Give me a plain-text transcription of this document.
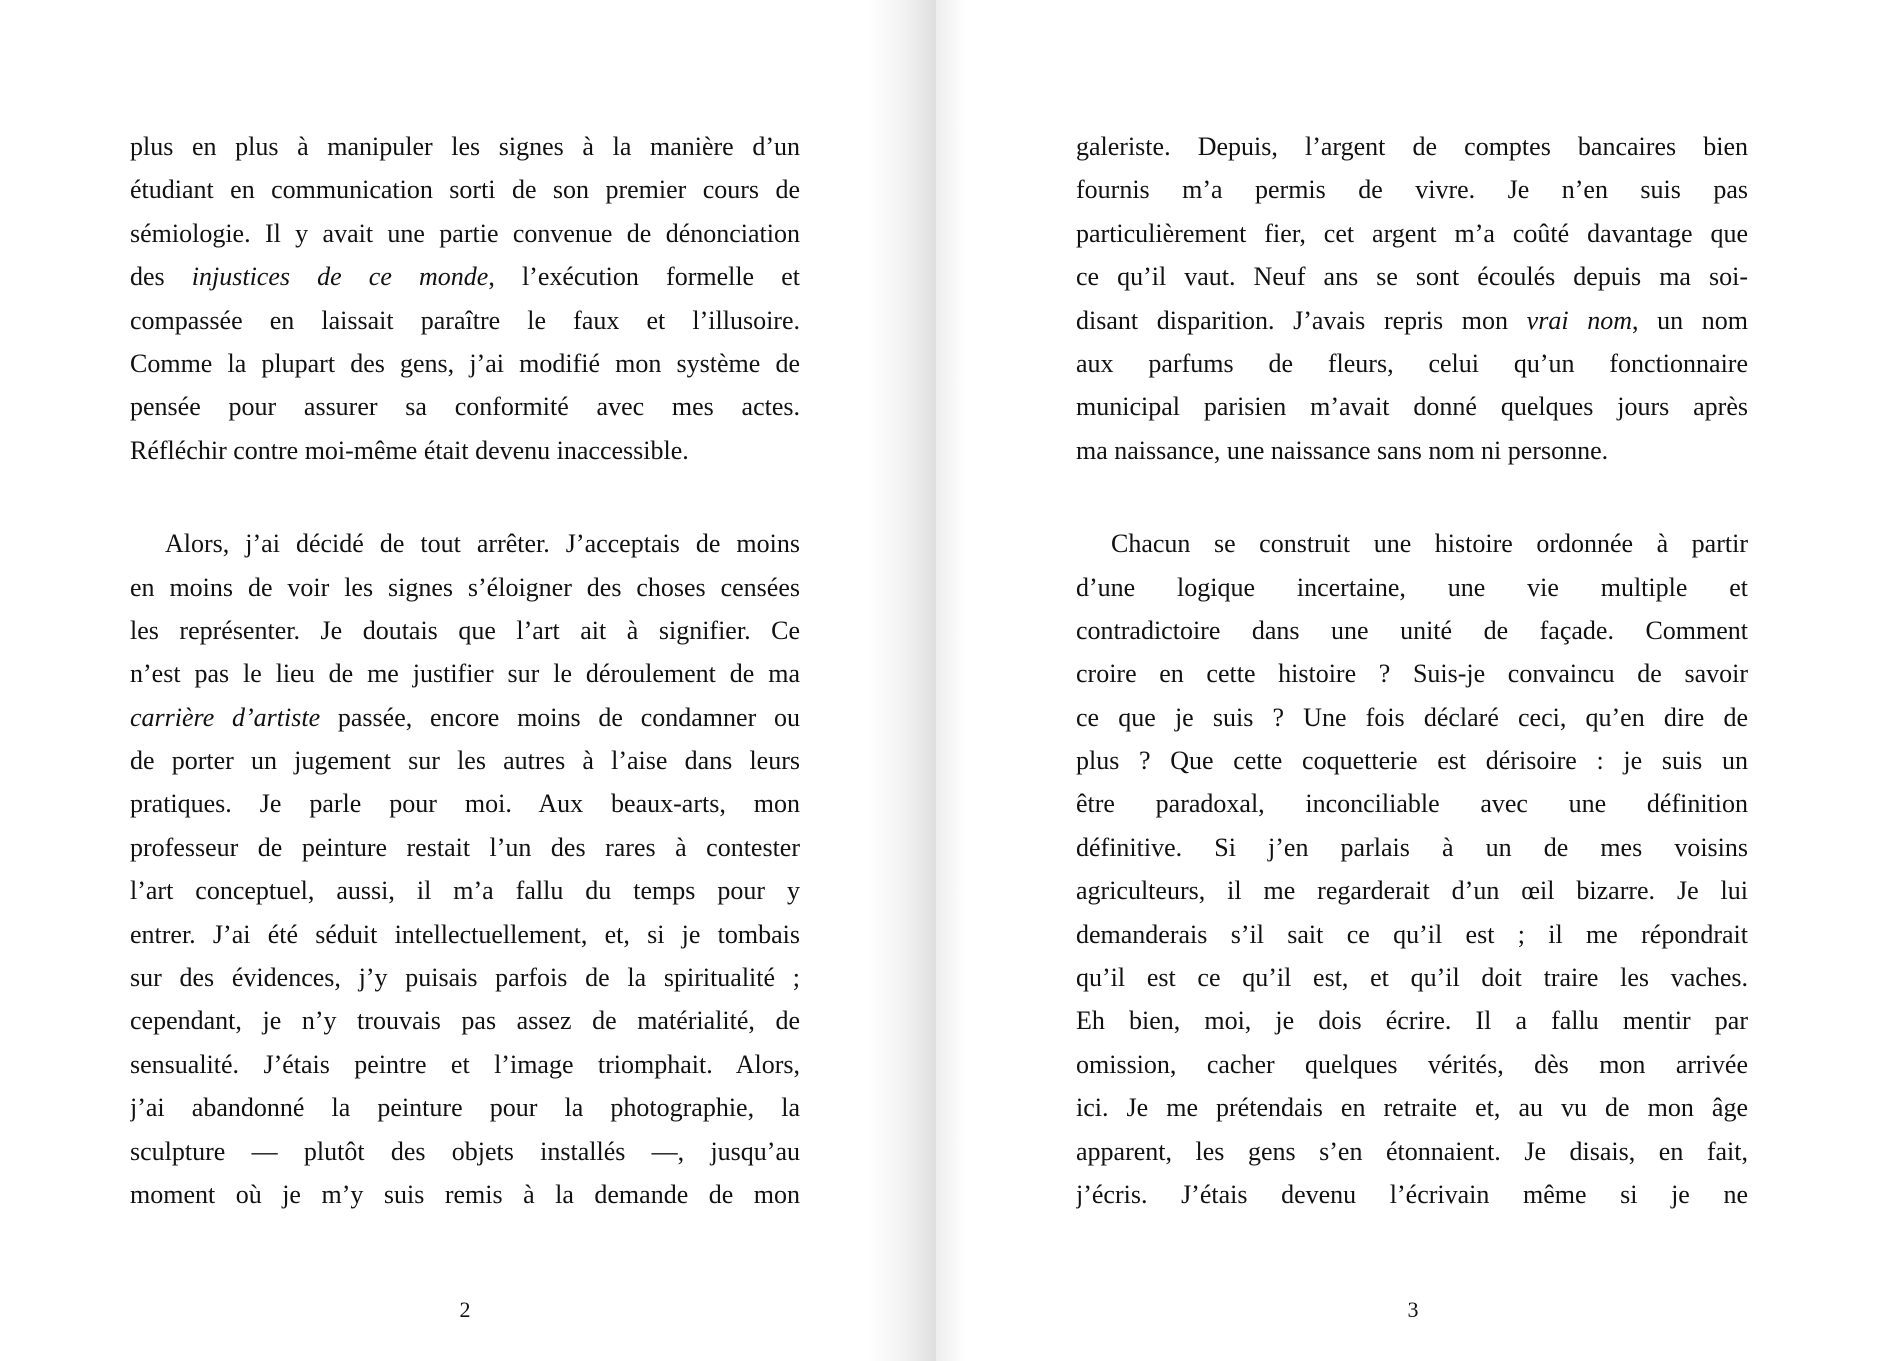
plus en plus à manipuler les signes à la manière d’un
étudiant en communication sorti de son premier cours de
sémiologie. Il y avait une partie convenue de dénonciation
des injustices de ce monde, l’exécution formelle et
compassée en laissait paraître le faux et l’illusoire.
Comme la plupart des gens, j’ai modifié mon système de
pensée pour assurer sa conformité avec mes actes.
Réfléchir contre moi-même était devenu inaccessible.
Alors, j’ai décidé de tout arrêter. J’acceptais de moins
en moins de voir les signes s’éloigner des choses censées
les représenter. Je doutais que l’art ait à signifier. Ce
n’est pas le lieu de me justifier sur le déroulement de ma
carrière d’artiste passée, encore moins de condamner ou
de porter un jugement sur les autres à l’aise dans leurs
pratiques. Je parle pour moi. Aux beaux-arts, mon
professeur de peinture restait l’un des rares à contester
l’art conceptuel, aussi, il m’a fallu du temps pour y
entrer. J’ai été séduit intellectuellement, et, si je tombais
sur des évidences, j’y puisais parfois de la spiritualité ;
cependant, je n’y trouvais pas assez de matérialité, de
sensualité. J’étais peintre et l’image triomphait. Alors,
j’ai abandonné la peinture pour la photographie, la
sculpture — plutôt des objets installés —, jusqu’au
moment où je m’y suis remis à la demande de mon
2
galeriste. Depuis, l’argent de comptes bancaires bien
fournis m’a permis de vivre. Je n’en suis pas
particulièrement fier, cet argent m’a coûté davantage que
ce qu’il vaut. Neuf ans se sont écoulés depuis ma soi-
disant disparition. J’avais repris mon vrai nom, un nom
aux parfums de fleurs, celui qu’un fonctionnaire
municipal parisien m’avait donné quelques jours après
ma naissance, une naissance sans nom ni personne.
Chacun se construit une histoire ordonnée à partir
d’une logique incertaine, une vie multiple et
contradictoire dans une unité de façade. Comment
croire en cette histoire ? Suis-je convaincu de savoir
ce que je suis ? Une fois déclaré ceci, qu’en dire de
plus ? Que cette coquetterie est dérisoire : je suis un
être paradoxal, inconciliable avec une définition
définitive. Si j’en parlais à un de mes voisins
agriculteurs, il me regarderait d’un œil bizarre. Je lui
demanderais s’il sait ce qu’il est ; il me répondrait
qu’il est ce qu’il est, et qu’il doit traire les vaches.
Eh bien, moi, je dois écrire. Il a fallu mentir par
omission, cacher quelques vérités, dès mon arrivée
ici. Je me prétendais en retraite et, au vu de mon âge
apparent, les gens s’en étonnaient. Je disais, en fait,
j’écris. J’étais devenu l’écrivain même si je ne
3
